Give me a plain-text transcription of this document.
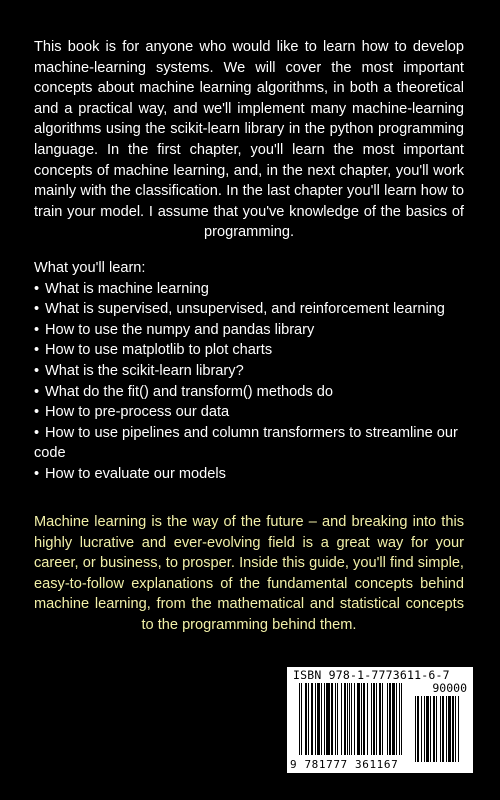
This book is for anyone who would like to learn how to develop machine-learning systems. We will cover the most important concepts about machine learning algorithms, in both a theoretical and a practical way, and we'll implement many machine-learning algorithms using the scikit-learn library in the python programming language. In the first chapter, you'll learn the most important concepts of machine learning, and, in the next chapter, you'll work mainly with the classification. In the last chapter you'll learn how to train your model. I assume that you've knowledge of the basics of programming.

What you'll learn:

• What is machine learning
• What is supervised, unsupervised, and reinforcement learning
• How to use the numpy and pandas library
• How to use matplotlib to plot charts
• What is the scikit-learn library?
• What do the fit() and transform() methods do
• How to pre-process our data
• How to use pipelines and column transformers to streamline our code
• How to evaluate our models

Machine learning is the way of the future – and breaking into this highly lucrative and ever-evolving field is a great way for your career, or business, to prosper. Inside this guide, you'll find simple, easy-to-follow explanations of the fundamental concepts behind machine learning, from the mathematical and statistical concepts to the programming behind them.

ISBN 978-1-7773611-6-7
90000
9 781777 361167
